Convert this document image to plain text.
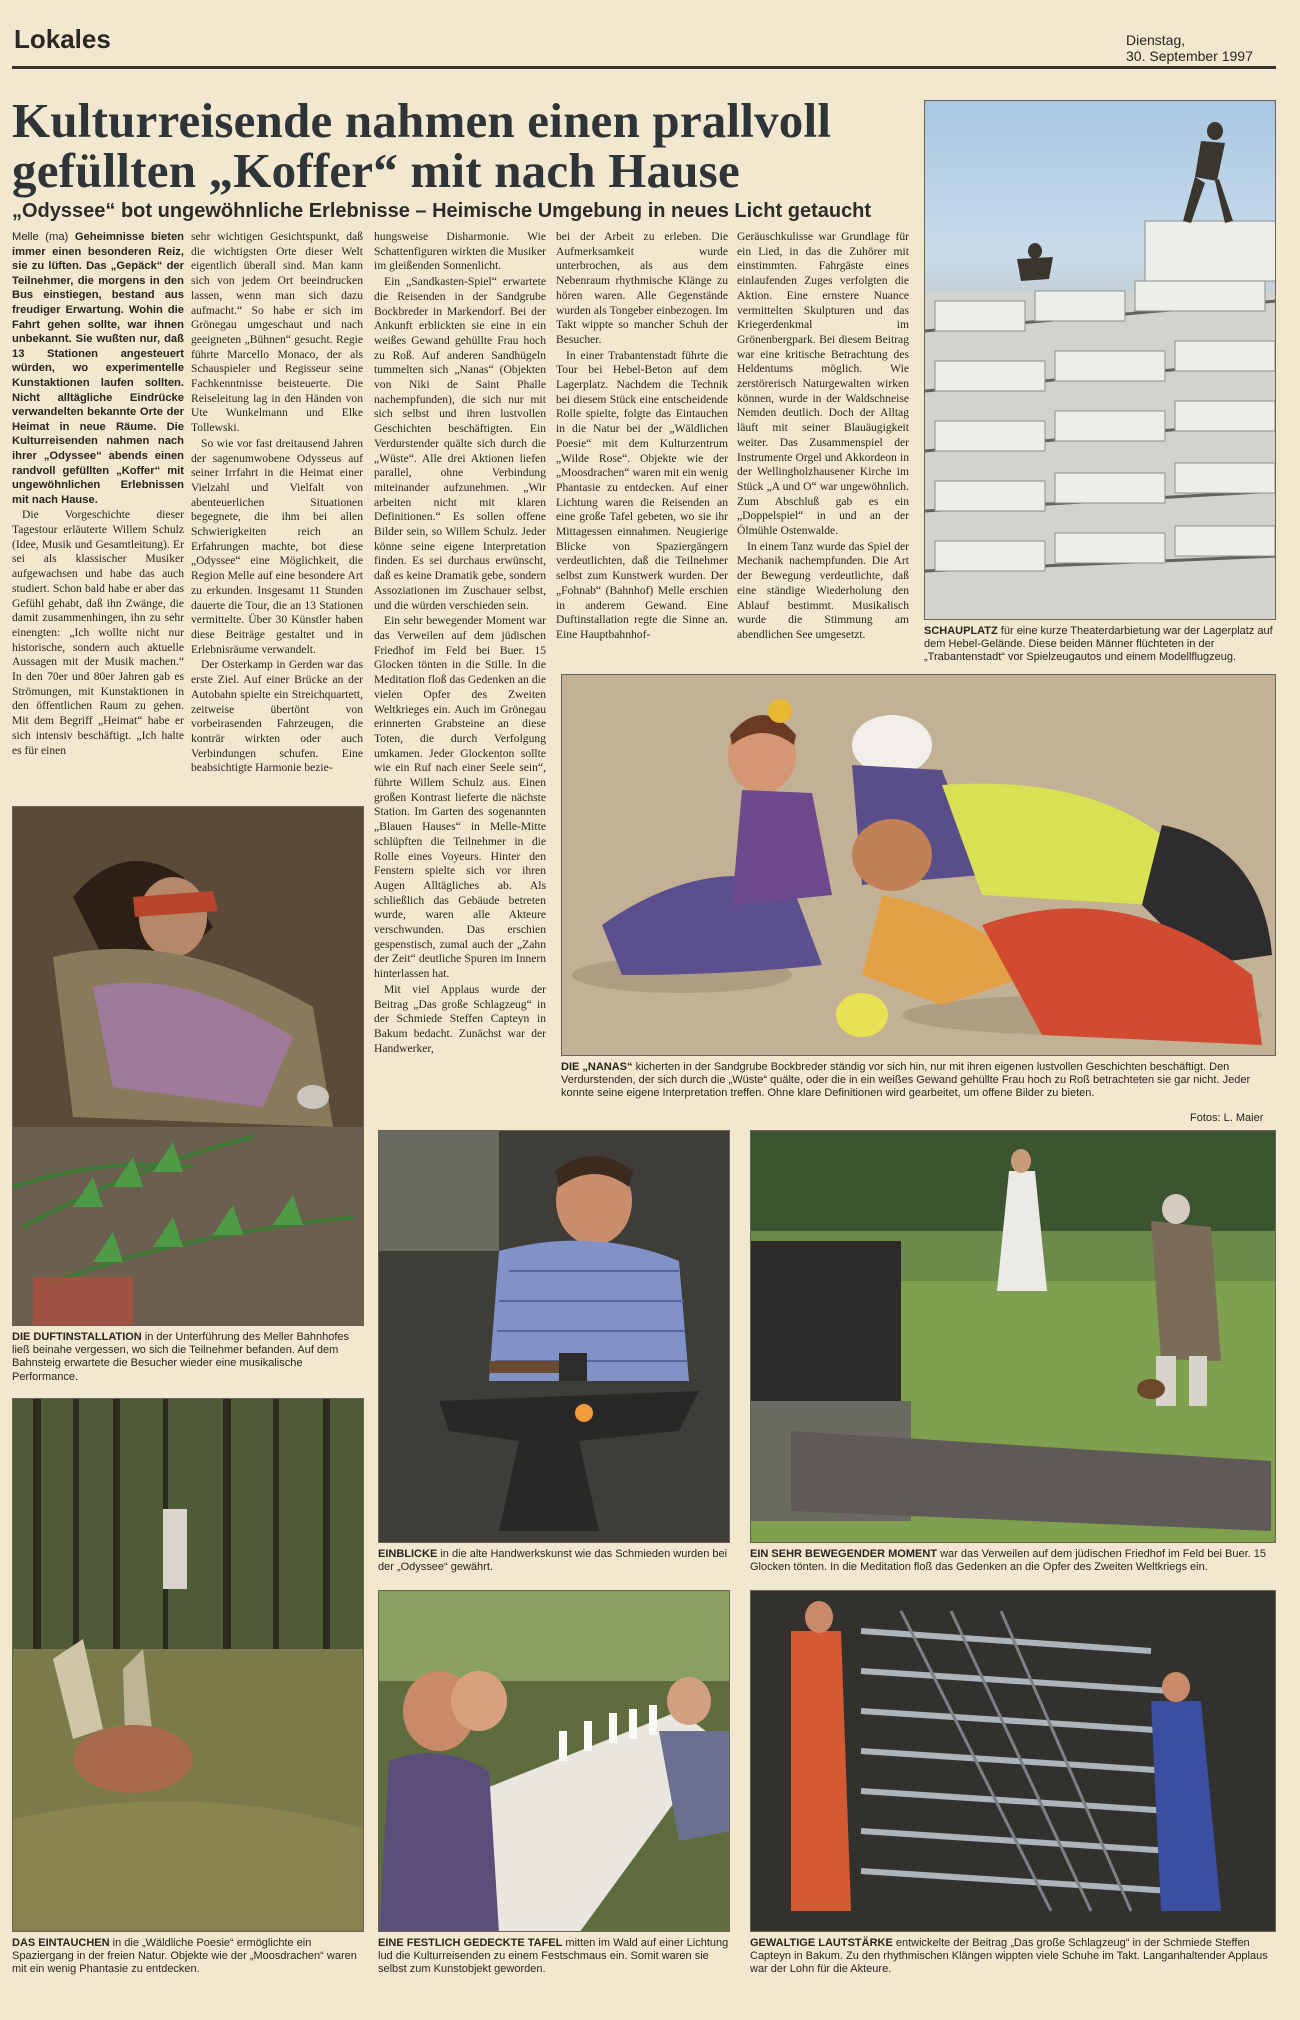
Lokales	Dienstag,
30. September 1997
Kulturreisende nahmen einen prallvoll
gefüllten „Koffer“ mit nach Hause
„Odyssee“ bot ungewöhnliche Erlebnisse – Heimische Umgebung in neues Licht getaucht

Melle (ma) Geheimnisse bieten immer einen besonderen Reiz, sie zu lüften. Das „Gepäck“ der Teilnehmer, die morgens in den Bus einstiegen, bestand aus freudiger Erwartung. Wohin die Fahrt gehen sollte, war ihnen unbekannt. Sie wußten nur, daß 13 Stationen angesteuert würden, wo experimentelle Kunstaktionen laufen sollten. Nicht alltägliche Eindrücke verwandelten bekannte Orte der Heimat in neue Räume. Die Kulturreisenden nahmen nach ihrer „Odyssee“ abends einen randvoll gefüllten „Koffer“ mit ungewöhnlichen Erlebnissen mit nach Hause.

Die Vorgeschichte dieser Tagestour erläuterte Willem Schulz (Idee, Musik und Gesamtleitung). Er sei als klassischer Musiker aufgewachsen und habe das auch studiert. Schon bald habe er aber das Gefühl gehabt, daß ihn Zwänge, die damit zusammenhingen, ihn zu sehr einengten: „Ich wollte nicht nur historische, sondern auch aktuelle Aussagen mit der Musik machen.“ In den 70er und 80er Jahren gab es Strömungen, mit Kunstaktionen in den öffentlichen Raum zu gehen. Mit dem Begriff „Heimat“ habe er sich intensiv beschäftigt. „Ich halte es für einen

sehr wichtigen Gesichtspunkt, daß die wichtigsten Orte dieser Welt eigentlich überall sind. Man kann sich von jedem Ort beeindrucken lassen, wenn man sich dazu aufmacht.“ So habe er sich im Grönegau umgeschaut und nach geeigneten „Bühnen“ gesucht. Regie führte Marcello Monaco, der als Schauspieler und Regisseur seine Fachkenntnisse beisteuerte. Die Reiseleitung lag in den Händen von Ute Wunkelmann und Elke Tollewski.

So wie vor fast dreitausend Jahren der sagenumwobene Odysseus auf seiner Irrfahrt in die Heimat einer Vielzahl und Vielfalt von abenteuerlichen Situationen begegnete, die ihm bei allen Schwierigkeiten reich an Erfahrungen machte, bot diese „Odyssee“ eine Möglichkeit, die Region Melle auf eine besondere Art zu erkunden. Insgesamt 11 Stunden dauerte die Tour, die an 13 Stationen vermittelte. Über 30 Künstler haben diese Beiträge gestaltet und in Erlebnisräume verwandelt.

Der Osterkamp in Gerden war das erste Ziel. Auf einer Brücke an der Autobahn spielte ein Streichquartett, zeitweise übertönt von vorbeirasenden Fahrzeugen, die konträr wirkten oder auch Verbindungen schufen. Eine beabsichtigte Harmonie bezie-

hungsweise Disharmonie. Wie Schattenfiguren wirkten die Musiker im gleißenden Sonnenlicht.

Ein „Sandkasten-Spiel“ erwartete die Reisenden in der Sandgrube Bockbreder in Markendorf. Bei der Ankunft erblickten sie eine in ein weißes Gewand gehüllte Frau hoch zu Roß. Auf anderen Sandhügeln tummelten sich „Nanas“ (Objekten von Niki de Saint Phalle nachempfunden), die sich nur mit sich selbst und ihren lustvollen Geschichten beschäftigten. Ein Verdurstender quälte sich durch die „Wüste“. Alle drei Aktionen liefen parallel, ohne Verbindung miteinander aufzunehmen. „Wir arbeiten nicht mit klaren Definitionen.“ Es sollen offene Bilder sein, so Willem Schulz. Jeder könne seine eigene Interpretation finden. Es sei durchaus erwünscht, daß es keine Dramatik gebe, sondern Assoziationen im Zuschauer selbst, und die würden verschieden sein.

Ein sehr bewegender Moment war das Verweilen auf dem jüdischen Friedhof im Feld bei Buer. 15 Glocken tönten in die Stille. In die Meditation floß das Gedenken an die vielen Opfer des Zweiten Weltkrieges ein. Auch im Grönegau erinnerten Grabsteine an diese Toten, die durch Verfolgung umkamen. Jeder Glockenton sollte wie ein Ruf nach einer Seele sein“, führte Willem Schulz aus. Einen großen Kontrast lieferte die nächste Station. Im Garten des sogenannten „Blauen Hauses“ in Melle-Mitte schlüpften die Teilnehmer in die Rolle eines Voyeurs. Hinter den Fenstern spielte sich vor ihren Augen Alltägliches ab. Als schließlich das Gebäude betreten wurde, waren alle Akteure verschwunden. Das erschien gespenstisch, zumal auch der „Zahn der Zeit“ deutliche Spuren im Innern hinterlassen hat.

Mit viel Applaus wurde der Beitrag „Das große Schlagzeug“ in der Schmiede Steffen Capteyn in Bakum bedacht. Zunächst war der Handwerker,

bei der Arbeit zu erleben. Die Aufmerksamkeit wurde unterbrochen, als aus dem Nebenraum rhythmische Klänge zu hören waren. Alle Gegenstände wurden als Tongeber einbezogen. Im Takt wippte so mancher Schuh der Besucher.

In einer Trabantenstadt führte die Tour bei Hebel-Beton auf dem Lagerplatz. Nachdem die Technik bei diesem Stück eine entscheidende Rolle spielte, folgte das Eintauchen in die Natur bei der „Wäldlichen Poesie“ mit dem Kulturzentrum „Wilde Rose“. Objekte wie der „Moosdrachen“ waren mit ein wenig Phantasie zu entdecken. Auf einer Lichtung waren die Reisenden an eine große Tafel gebeten, wo sie ihr Mittagessen einnahmen. Neugierige Blicke von Spaziergängern verdeutlichten, daß die Teilnehmer selbst zum Kunstwerk wurden. Der „Fohnab“ (Bahnhof) Melle erschien in anderem Gewand. Eine Duftinstallation regte die Sinne an. Eine Hauptbahnhof-

Geräuschkulisse war Grundlage für ein Lied, in das die Zuhörer mit einstimmten. Fahrgäste eines einlaufenden Zuges verfolgten die Aktion. Eine ernstere Nuance vermittelten Skulpturen und das Kriegerdenkmal im Grönenbergpark. Bei diesem Beitrag war eine kritische Betrachtung des Heldentums möglich. Wie zerstörerisch Naturgewalten wirken können, wurde in der Waldschneise Nemden deutlich. Doch der Alltag läuft mit seiner Blauäugigkeit weiter. Das Zusammenspiel der Instrumente Orgel und Akkordeon in der Wellingholzhausener Kirche im Stück „A und O“ war ungewöhnlich. Zum Abschluß gab es ein „Doppelspiel“ in und an der Ölmühle Ostenwalde.

In einem Tanz wurde das Spiel der Mechanik nachempfunden. Die Art der Bewegung verdeutlichte, daß eine ständige Wiederholung den Ablauf bestimmt. Musikalisch wurde die Stimmung am abendlichen See umgesetzt.	SCHAUPLATZ für eine kurze Theaterdarbietung war der Lagerplatz auf dem Hebel-Gelände. Diese beiden Männer flüchteten in der „Trabantenstadt“ vor Spielzeugautos und einem Modellflugzeug.
DIE „NANAS“ kicherten in der Sandgrube Bockbreder ständig vor sich hin, nur mit ihren eigenen lustvollen Geschichten beschäftigt. Den Verdurstenden, der sich durch die „Wüste“ quälte, oder die in ein weißes Gewand gehüllte Frau hoch zu Roß betrachteten sie gar nicht. Jeder konnte seine eigene Interpretation treffen. Ohne klare Definitionen wird gearbeitet, um offene Bilder zu bieten.
Fotos: L. Maier
DIE DUFTINSTALLATION in der Unterführung des Meller Bahnhofes ließ beinahe vergessen, wo sich die Teilnehmer befanden. Auf dem Bahnsteig erwartete die Besucher wieder eine musikalische Performance.
EINBLICKE in die alte Handwerkskunst wie das Schmieden wurden bei der „Odyssee“ gewährt.
EIN SEHR BEWEGENDER MOMENT war das Verweilen auf dem jüdischen Friedhof im Feld bei Buer. 15 Glocken tönten. In die Meditation floß das Gedenken an die Opfer des Zweiten Weltkriegs ein.
DAS EINTAUCHEN in die „Wäldliche Poesie“ ermöglichte ein Spaziergang in der freien Natur. Objekte wie der „Moosdrachen“ waren mit ein wenig Phantasie zu entdecken.
EINE FESTLICH GEDECKTE TAFEL mitten im Wald auf einer Lichtung lud die Kulturreisenden zu einem Festschmaus ein. Somit waren sie selbst zum Kunstobjekt geworden.
GEWALTIGE LAUTSTÄRKE entwickelte der Beitrag „Das große Schlagzeug“ in der Schmiede Steffen Capteyn in Bakum. Zu den rhythmischen Klängen wippten viele Schuhe im Takt. Langanhaltender Applaus war der Lohn für die Akteure.
